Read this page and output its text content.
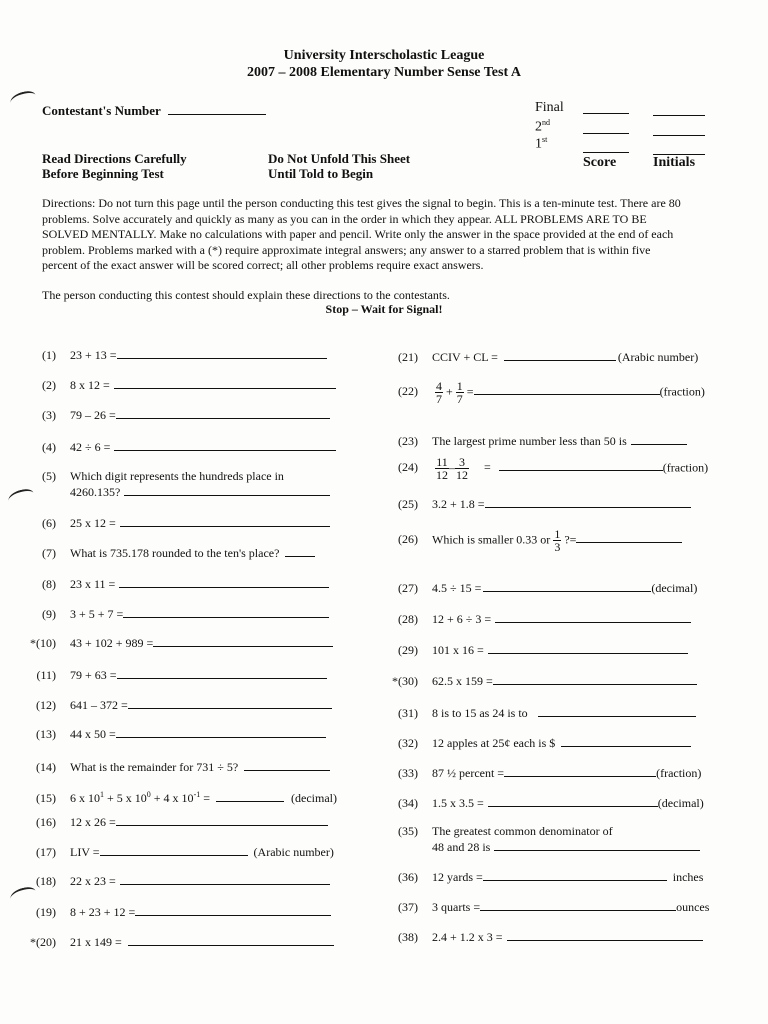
University Interscholastic League
2007 – 2008 Elementary Number Sense Test A
Contestant's Number	Final
2nd
1st
Score	Initials
Read Directions Carefully
Before Beginning Test
Do Not Unfold This Sheet
Until Told to Begin
Directions: Do not turn this page until the person conducting this test gives the signal to begin. This is a ten-minute test. There are 80
problems. Solve accurately and quickly as many as you can in the order in which they appear. ALL PROBLEMS ARE TO BE
SOLVED MENTALLY. Make no calculations with paper and pencil. Write only the answer in the space provided at the end of each
problem. Problems marked with a (*) require approximate integral answers; any answer to a starred problem that is within five
percent of the exact answer will be scored correct; all other problems require exact answers.
The person conducting this contest should explain these directions to the contestants.
Stop – Wait for Signal!
(1) 23 + 13 =
(2) 8 x 12 =
(3) 79 – 26 =
(4) 42 ÷ 6 =
(5) Which digit represents the hundreds place in
4260.135?
(6) 25 x 12 =
(7) What is 735.178 rounded to the ten's place?
(8) 23 x 11 =
(9) 3 + 5 + 7 =
*(10) 43 + 102 + 989 =
(11) 79 + 63 =
(12) 641 – 372 =
(13) 44 x 50 =
(14) What is the remainder for 731 ÷ 5?
(15) 6 x $10^1 + 5$ x $10^0 + 4$ x $10^{-1}$ =	(decimal)
(16) 12 x 26 =
(17) LIV =	(Arabic number)
(18) 22 x 23 =
(19) 8 + 23 + 12 =
*(20) 21 x 149 =
(21) CCIV + CL =	(Arabic number)
$(22) \frac{4}{7} + \frac{1}{7}$ =	(fraction)
(23) The largest prime number less than 50 is
$(24) \frac{11}{12} - \frac{3}{12}$ =	(fraction)
(25) 3.2 + 1.8 =
(26) Which is smaller 0.33 or $\frac{1}{3}$ ?=
(27) 4.5 ÷ 15 =	(decimal)
(28) 12 + 6 ÷ 3 =
(29) 101 x 16 =
*(30) 62.5 x 159 =
(31) 8 is to 15 as 24 is to
(32) 12 apples at 25¢ each is $
(33) 87 ½ percent =	(fraction)
(34) 1.5 x 3.5 =	(decimal)
(35) The greatest common denominator of
48 and 28 is
(36) 12 yards =	inches
(37) 3 quarts =	ounces
(38) 2.4 + 1.2 x 3 =
